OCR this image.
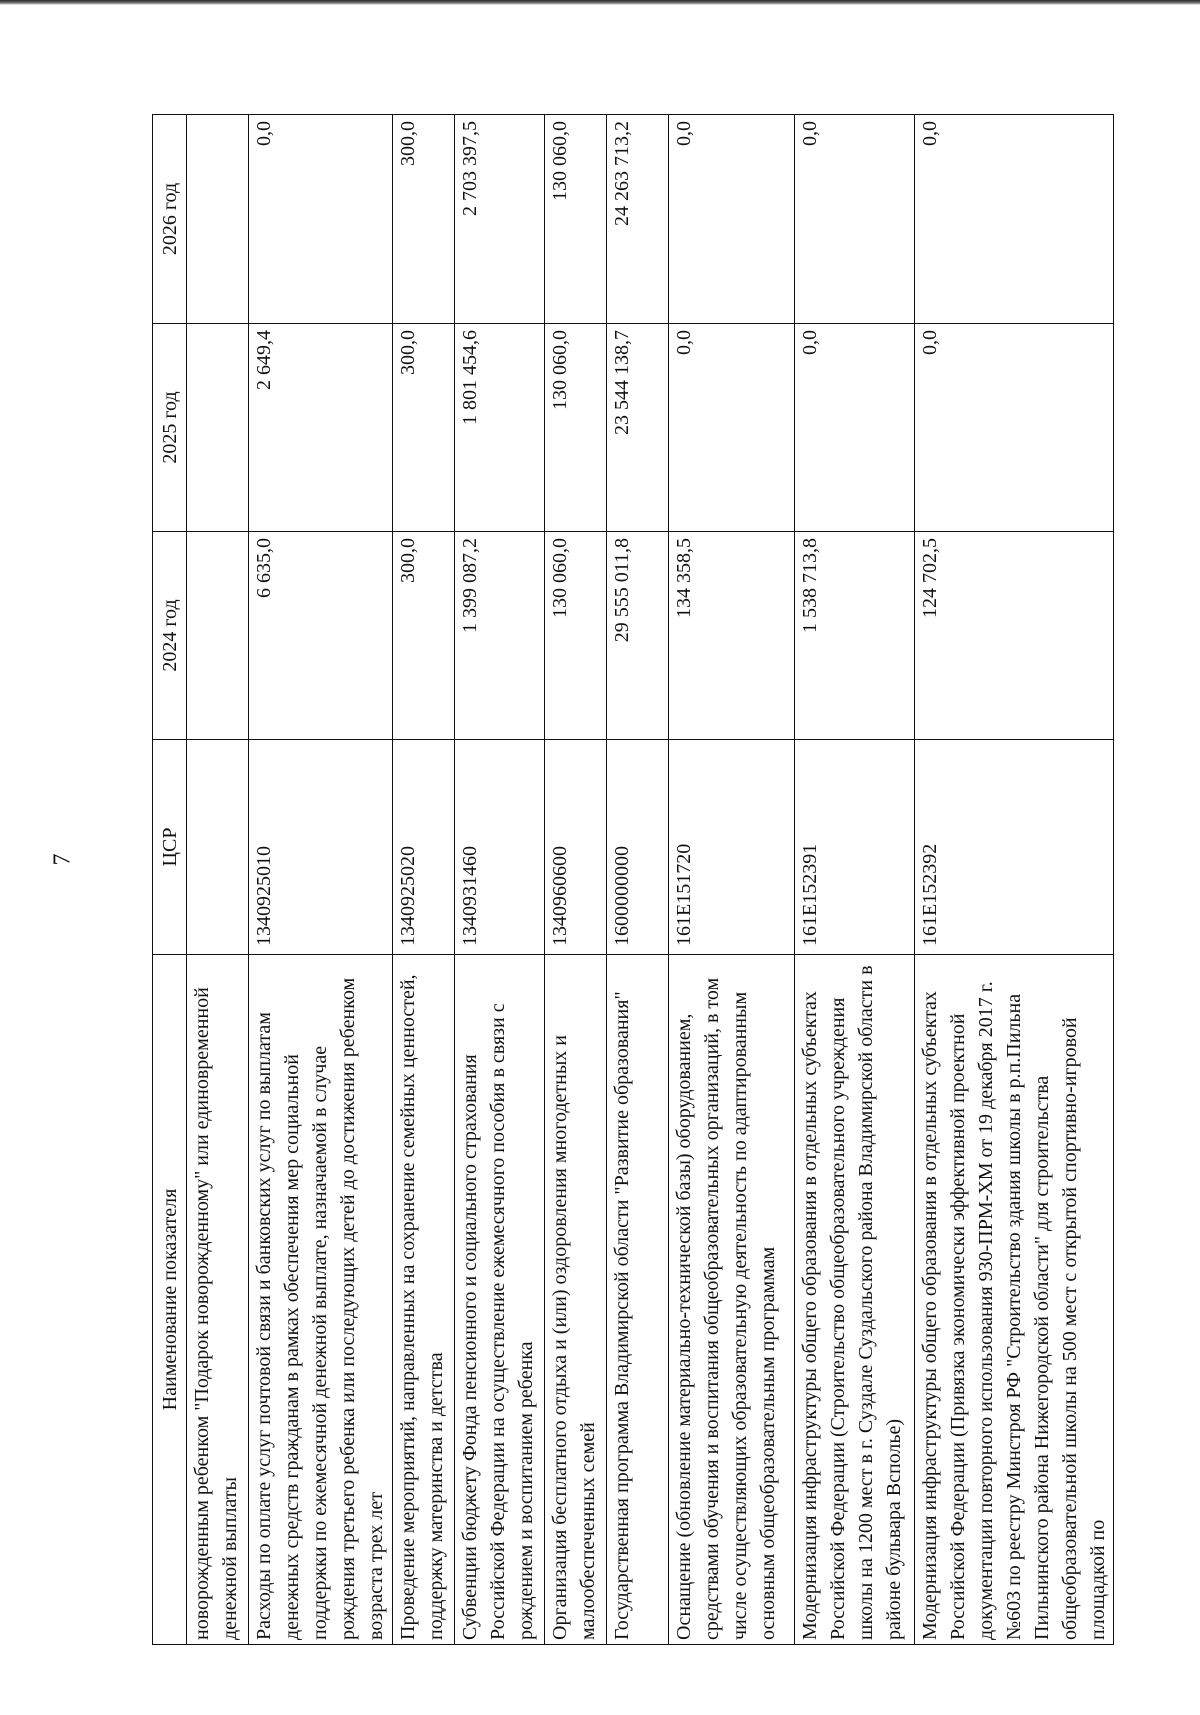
7
Наименование показателя	ЦСР	2024 год	2025 год	2026 год
новорожденным ребенком "Подарок новорожденному" или единовременной денежной выплаты				
Расходы по оплате услуг почтовой связи и банковских услуг по выплатам денежных средств гражданам в рамках обеспечения мер социальной поддержки по ежемесячной денежной выплате, назначаемой в случае рождения третьего ребенка или последующих детей до достижения ребенком возраста трех лет	1340925010	6 635,0	2 649,4	0,0
Проведение мероприятий, направленных на сохранение семейных ценностей, поддержку материнства и детства	1340925020	300,0	300,0	300,0
Субвенции бюджету Фонда пенсионного и социального страхования Российской Федерации на осуществление ежемесячного пособия в связи с рождением и воспитанием ребенка	1340931460	1 399 087,2	1 801 454,6	2 703 397,5
Организация бесплатного отдыха и (или) оздоровления многодетных и малообеспеченных семей	1340960600	130 060,0	130 060,0	130 060,0
Государственная программа Владимирской области "Развитие образования"	1600000000	29 555 011,8	23 544 138,7	24 263 713,2
Оснащение (обновление материально-технической базы) оборудованием, средствами обучения и воспитания общеобразовательных организаций, в том числе осуществляющих образовательную деятельность по адаптированным основным общеобразовательным программам	161E151720	134 358,5	0,0	0,0
Модернизация инфраструктуры общего образования в отдельных субъектах Российской Федерации (Строительство общеобразовательного учреждения школы на 1200 мест в г. Суздале Суздальского района Владимирской области в районе бульвара Всполье)	161E152391	1 538 713,8	0,0	0,0
Модернизация инфраструктуры общего образования в отдельных субъектах Российской Федерации (Привязка экономически эффективной проектной документации повторного использования 930-ПРМ-ХМ от 19 декабря 2017 г. №603 по реестру Минстроя РФ "Строительство здания школы в р.п.Пильна Пильнинского района Нижегородской области" для строительства общеобразовательной школы на 500 мест с открытой спортивно-игровой площадкой по	161E152392	124 702,5	0,0	0,0
